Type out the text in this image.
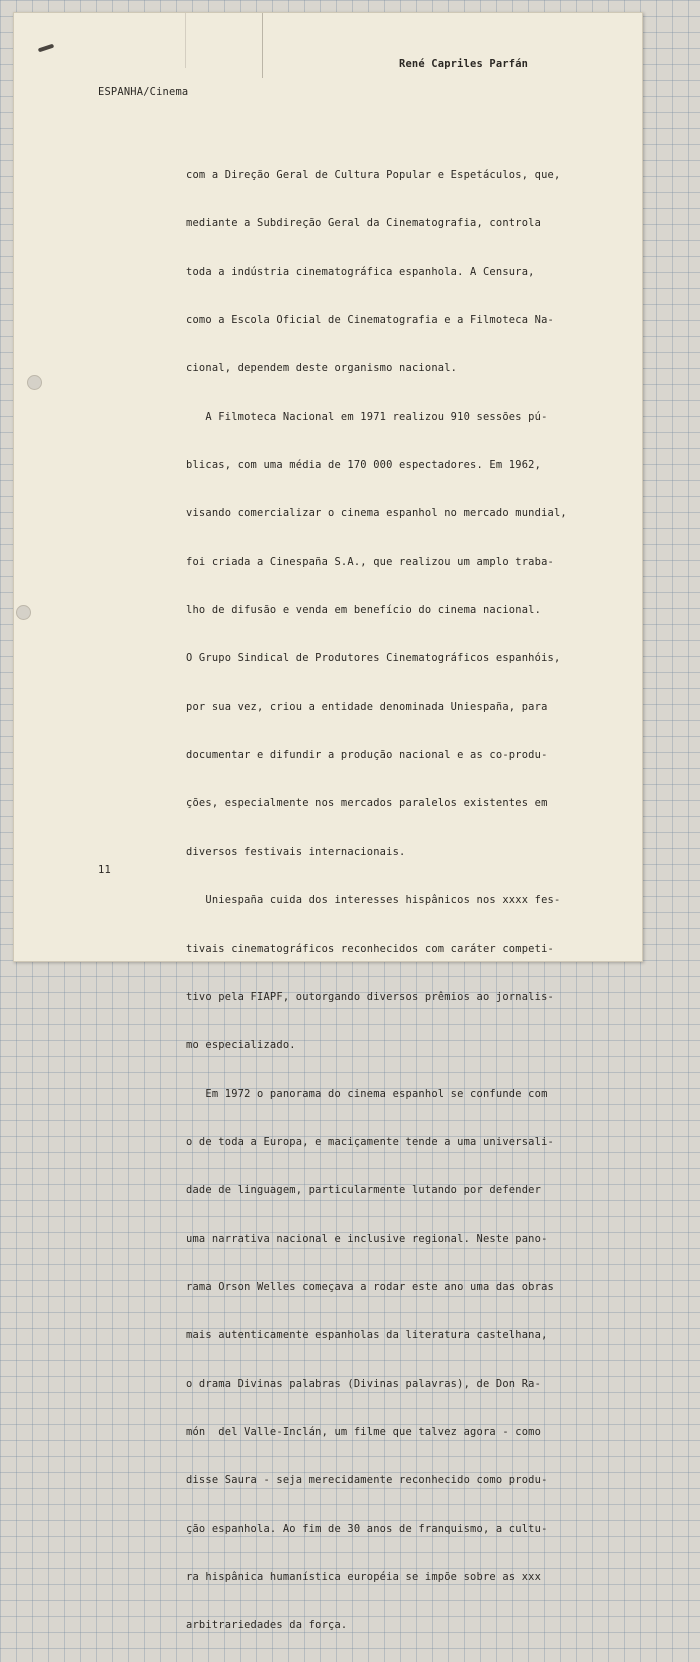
René Capriles Parfán
ESPANHA/Cinema

com a Direção Geral de Cultura Popular e Espetáculos, que,

mediante a Subdireção Geral da Cinematografia, controla

toda a indústria cinematográfica espanhola. A Censura,

como a Escola Oficial de Cinematografia e a Filmoteca Na-

cional, dependem deste organismo nacional.

A Filmoteca Nacional em 1971 realizou 910 sessões pú-

blicas, com uma média de 170 000 espectadores. Em 1962,

visando comercializar o cinema espanhol no mercado mundial,

foi criada a Cinespaña S.A., que realizou um amplo traba-

lho de difusão e venda em benefício do cinema nacional.

O Grupo Sindical de Produtores Cinematográficos espanhóis,

por sua vez, criou a entidade denominada Uniespaña, para

documentar e difundir a produção nacional e as co-produ-

ções, especialmente nos mercados paralelos existentes em

diversos festivais internacionais.

Uniespaña cuida dos interesses hispânicos nos xxxx fes-

tivais cinematográficos reconhecidos com caráter competi-

tivo pela FIAPF, outorgando diversos prêmios ao jornalis-

mo especializado.

Em 1972 o panorama do cinema espanhol se confunde com

o de toda a Europa, e maciçamente tende a uma universali-

dade de linguagem, particularmente lutando por defender

uma narrativa nacional e inclusive regional. Neste pano-

rama Orson Welles começava a rodar este ano uma das obras

mais autenticamente espanholas da literatura castelhana,

o drama Divinas palabras (Divinas palavras), de Don Ra-

món  del Valle-Inclán, um filme que talvez agora - como

disse Saura - seja merecidamente reconhecido como produ-

ção espanhola. Ao fim de 30 anos de franquismo, a cultu-

ra hispânica humanística européia se impõe sobre as xxx

arbitrariedades da força.

11
